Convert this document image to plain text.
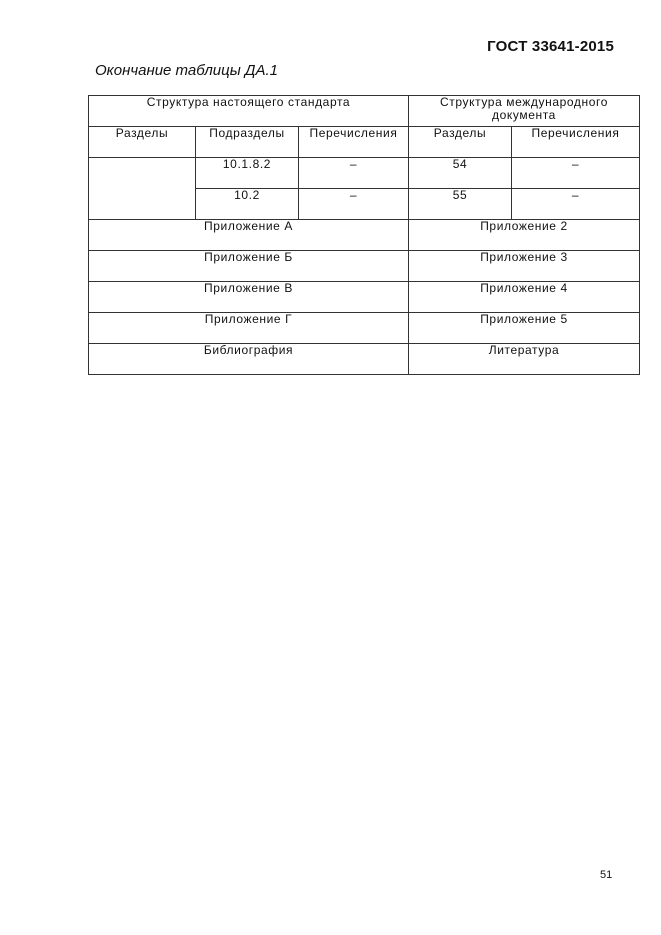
ГОСТ 33641-2015
Окончание таблицы ДА.1
Структура настоящего стандарта			Структура международного документа	
Разделы	Подразделы	Перечисления	Разделы	Перечисления
	10.1.8.2	–	54	–
	10.2	–	55	–
Приложение А			Приложение 2	
Приложение Б			Приложение 3	
Приложение В			Приложение 4	
Приложение Г			Приложение 5	
Библиография			Литература	
51
